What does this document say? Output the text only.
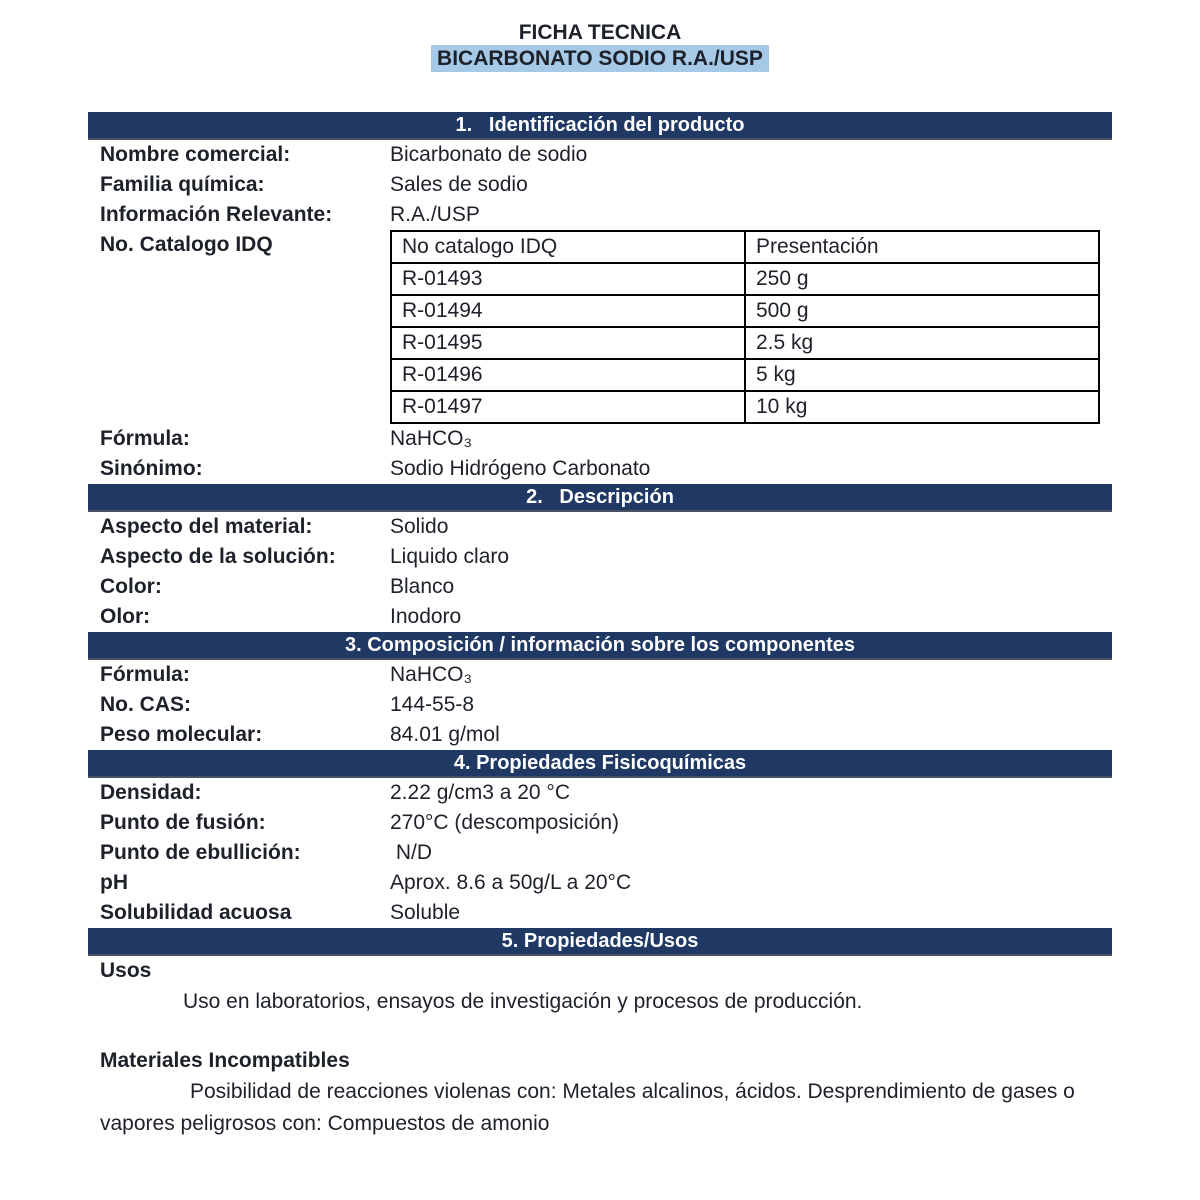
FICHA TECNICA
BICARBONATO SODIO R.A./USP
1.   Identificación del producto
Nombre comercial:	Bicarbonato de sodio
Familia química:	Sales de sodio
Información Relevante:	R.A./USP
No. Catalogo IDQ	No catalogo IDQ	Presentación
R-01493	250 g
R-01494	500 g
R-01495	2.5 kg
R-01496	5 kg
R-01497	10 kg
Fórmula:	NaHCO₃
Sinónimo:	Sodio Hidrógeno Carbonato
2.   Descripción
Aspecto del material:	Solido
Aspecto de la solución:	Liquido claro
Color:	Blanco
Olor:	Inodoro
3. Composición / información sobre los componentes
Fórmula:	NaHCO₃
No. CAS:	144-55-8
Peso molecular:	84.01 g/mol
4. Propiedades Fisicoquímicas
Densidad:	2.22 g/cm3 a 20 °C
Punto de fusión:	270°C (descomposición)
Punto de ebullición:	N/D
pH	Aprox. 8.6 a 50g/L a 20°C
Solubilidad acuosa	Soluble
5. Propiedades/Usos
Usos
Uso en laboratorios, ensayos de investigación y procesos de producción.
Materiales Incompatibles
Posibilidad de reacciones violenas con: Metales alcalinos, ácidos. Desprendimiento de gases o vapores peligrosos con: Compuestos de amonio
